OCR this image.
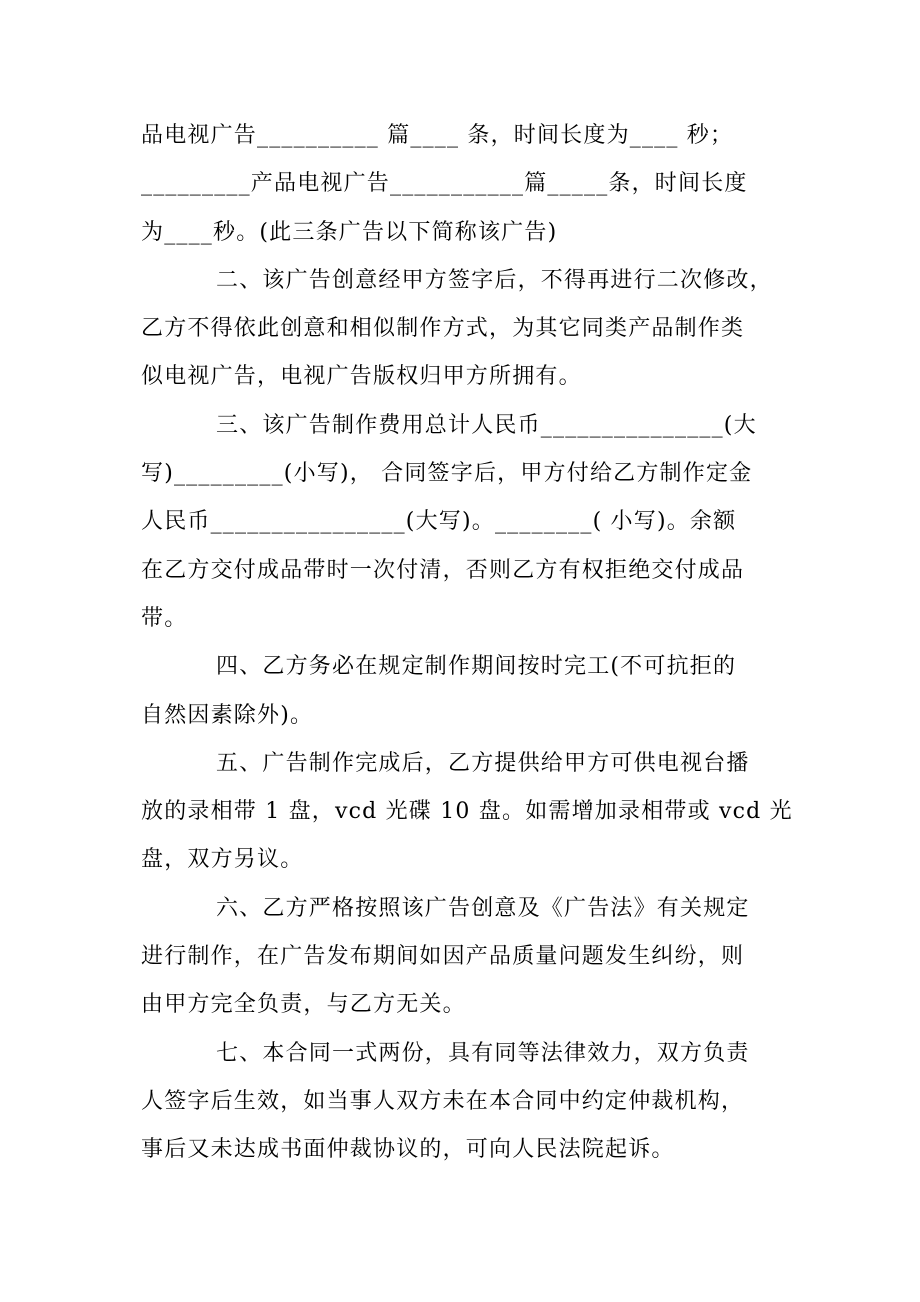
品电视广告__________ 篇____ 条，时间长度为____ 秒；
_________产品电视广告___________篇_____条，时间长度
为____秒。(此三条广告以下简称该广告)
二、该广告创意经甲方签字后，不得再进行二次修改，
乙方不得依此创意和相似制作方式，为其它同类产品制作类
似电视广告，电视广告版权归甲方所拥有。
三、该广告制作费用总计人民币_______________(大
写)_________(小写)， 合同签字后，甲方付给乙方制作定金
人民币________________(大写)。________( 小写)。余额
在乙方交付成品带时一次付清，否则乙方有权拒绝交付成品
带。
四、乙方务必在规定制作期间按时完工(不可抗拒的
自然因素除外)。
五、广告制作完成后，乙方提供给甲方可供电视台播
放的录相带 1 盘，vcd 光碟 10 盘。如需增加录相带或 vcd 光
盘，双方另议。
六、乙方严格按照该广告创意及《广告法》有关规定
进行制作，在广告发布期间如因产品质量问题发生纠纷，则
由甲方完全负责，与乙方无关。
七、本合同一式两份，具有同等法律效力，双方负责
人签字后生效，如当事人双方未在本合同中约定仲裁机构，
事后又未达成书面仲裁协议的，可向人民法院起诉。
